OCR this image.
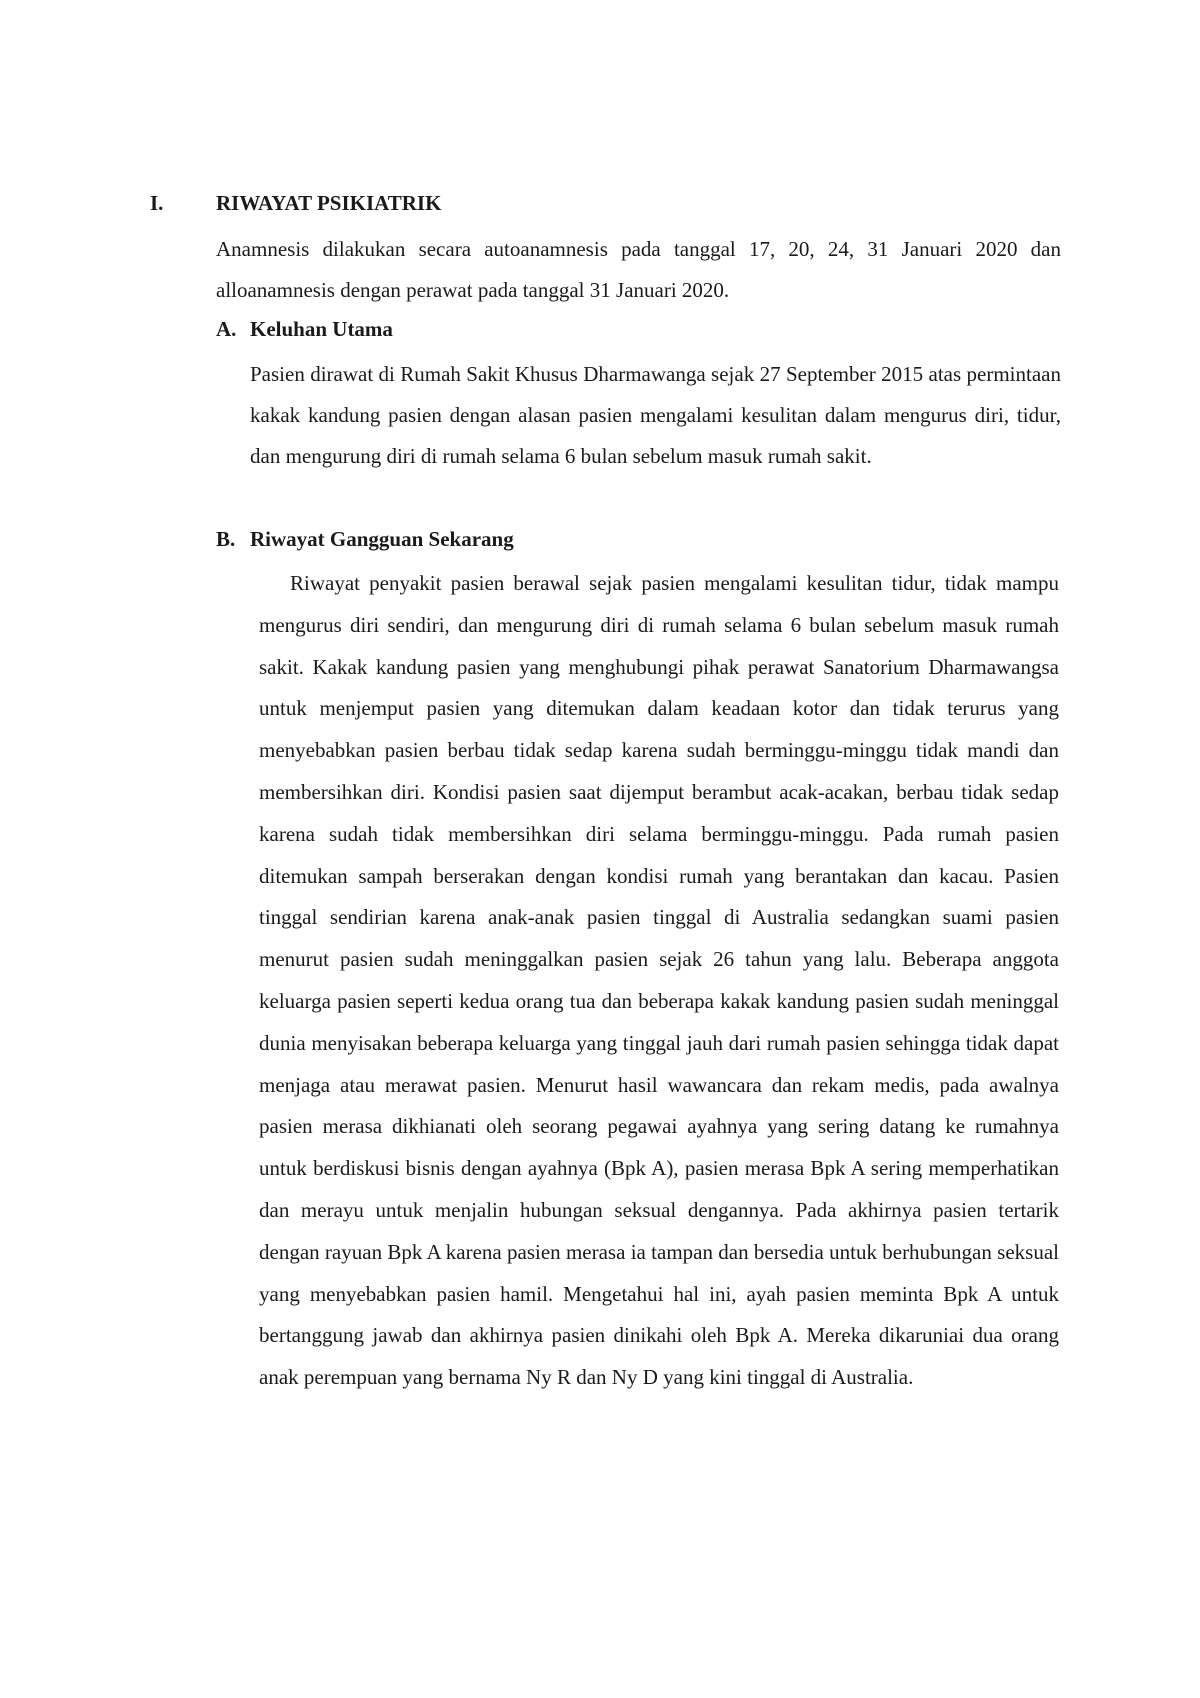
I.	RIWAYAT PSIKIATRIK
Anamnesis dilakukan secara autoanamnesis pada tanggal 17, 20, 24, 31 Januari 2020 dan alloanamnesis dengan perawat pada tanggal 31 Januari 2020.
A. Keluhan Utama
Pasien dirawat di Rumah Sakit Khusus Dharmawanga sejak 27 September 2015 atas permintaan kakak kandung pasien dengan alasan pasien mengalami kesulitan dalam mengurus diri, tidur, dan mengurung diri di rumah selama 6 bulan sebelum masuk rumah sakit.
B. Riwayat Gangguan Sekarang
Riwayat penyakit pasien berawal sejak pasien mengalami kesulitan tidur, tidak mampu mengurus diri sendiri, dan mengurung diri di rumah selama 6 bulan sebelum masuk rumah sakit. Kakak kandung pasien yang menghubungi pihak perawat Sanatorium Dharmawangsa untuk menjemput pasien yang ditemukan dalam keadaan kotor dan tidak terurus yang menyebabkan pasien berbau tidak sedap karena sudah berminggu-minggu tidak mandi dan membersihkan diri. Kondisi pasien saat dijemput berambut acak-acakan, berbau tidak sedap karena sudah tidak membersihkan diri selama berminggu-minggu. Pada rumah pasien ditemukan sampah berserakan dengan kondisi rumah yang berantakan dan kacau. Pasien tinggal sendirian karena anak-anak pasien tinggal di Australia sedangkan suami pasien menurut pasien sudah meninggalkan pasien sejak 26 tahun yang lalu. Beberapa anggota keluarga pasien seperti kedua orang tua dan beberapa kakak kandung pasien sudah meninggal dunia menyisakan beberapa keluarga yang tinggal jauh dari rumah pasien sehingga tidak dapat menjaga atau merawat pasien. Menurut hasil wawancara dan rekam medis, pada awalnya pasien merasa dikhianati oleh seorang pegawai ayahnya yang sering datang ke rumahnya untuk berdiskusi bisnis dengan ayahnya (Bpk A), pasien merasa Bpk A sering memperhatikan dan merayu untuk menjalin hubungan seksual dengannya. Pada akhirnya pasien tertarik dengan rayuan Bpk A karena pasien merasa ia tampan dan bersedia untuk berhubungan seksual yang menyebabkan pasien hamil. Mengetahui hal ini, ayah pasien meminta Bpk A untuk bertanggung jawab dan akhirnya pasien dinikahi oleh Bpk A. Mereka dikaruniai dua orang anak perempuan yang bernama Ny R dan Ny D yang kini tinggal di Australia.
